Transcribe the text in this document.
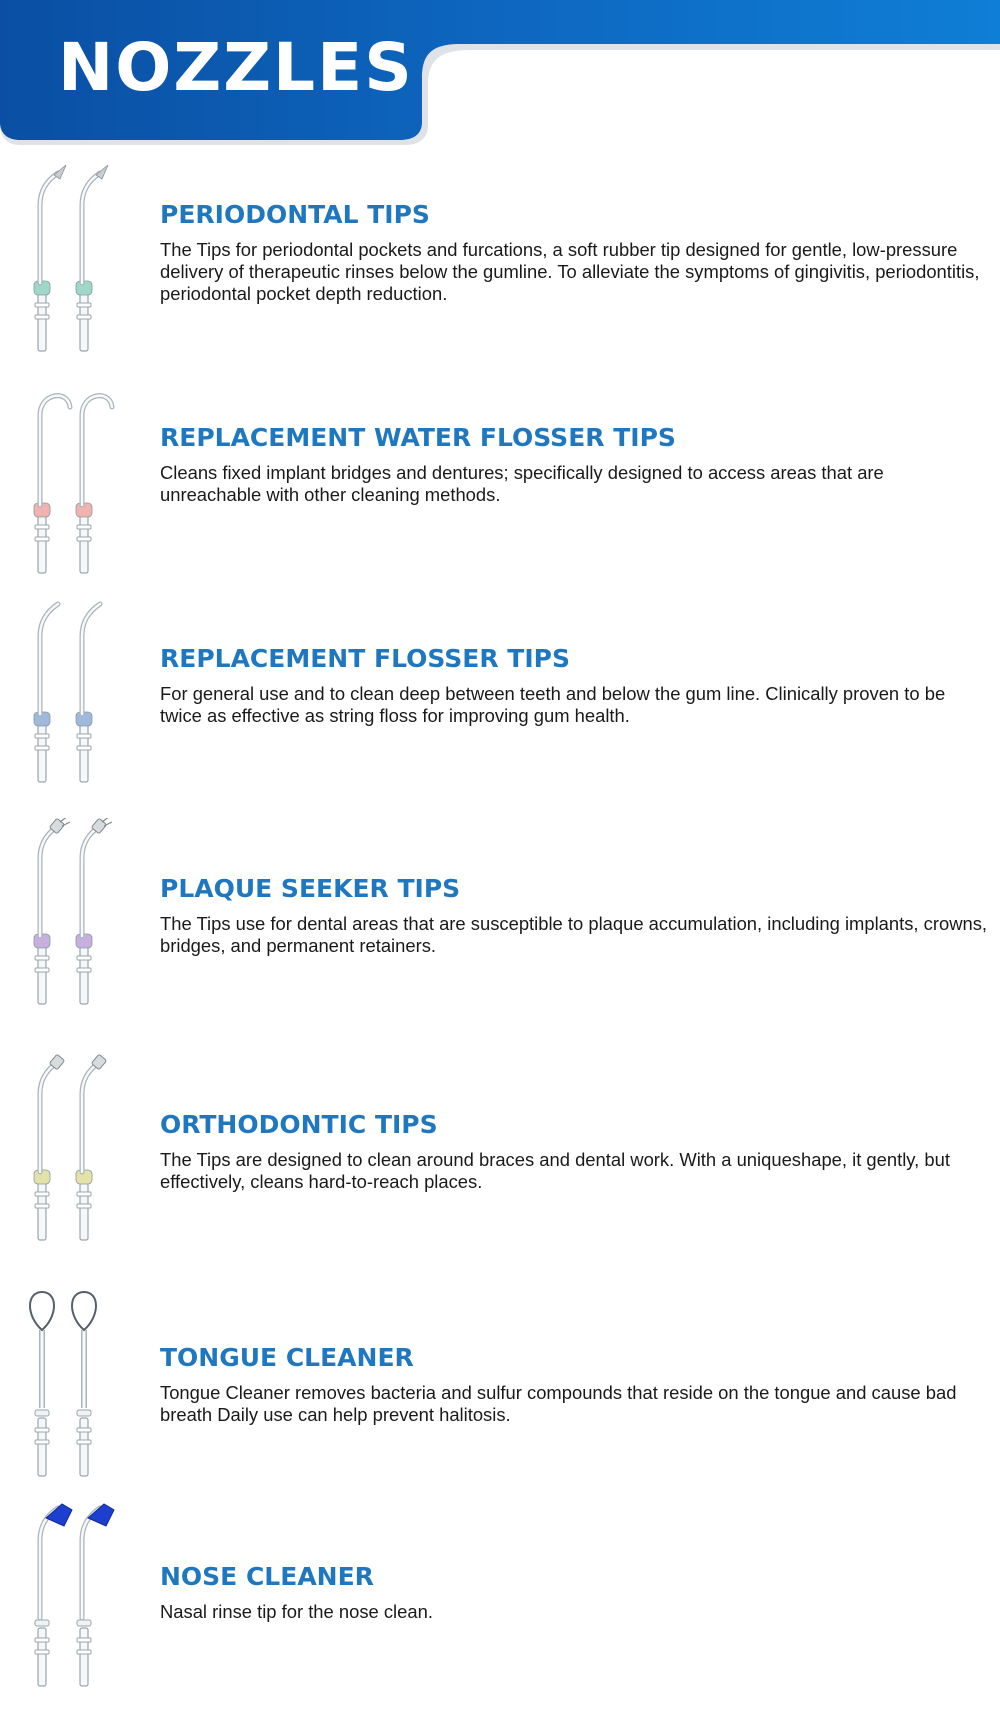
NOZZLES
PERIODONTAL TIPS

The Tips for periodontal pockets and furcations, a soft rubber tip designed for gentle, low-pressure delivery of therapeutic rinses below the gumline. To alleviate the symptoms of gingivitis, periodontitis, periodontal pocket depth reduction.

REPLACEMENT WATER FLOSSER TIPS

Cleans fixed implant bridges and dentures; specifically designed to access areas that are unreachable with other cleaning methods.

REPLACEMENT FLOSSER TIPS

For general use and to clean deep between teeth and below the gum line. Clinically proven to be twice as effective as string floss for improving gum health.

PLAQUE SEEKER TIPS

The Tips use for dental areas that are susceptible to plaque accumulation, including implants, crowns, bridges, and permanent retainers.

ORTHODONTIC TIPS

The Tips are designed to clean around braces and dental work. With a uniqueshape, it gently, but effectively, cleans hard-to-reach places.

TONGUE CLEANER

Tongue Cleaner removes bacteria and sulfur compounds that reside on the tongue and cause bad breath Daily use can help prevent halitosis.

NOSE CLEANER

Nasal rinse tip for the nose clean.
